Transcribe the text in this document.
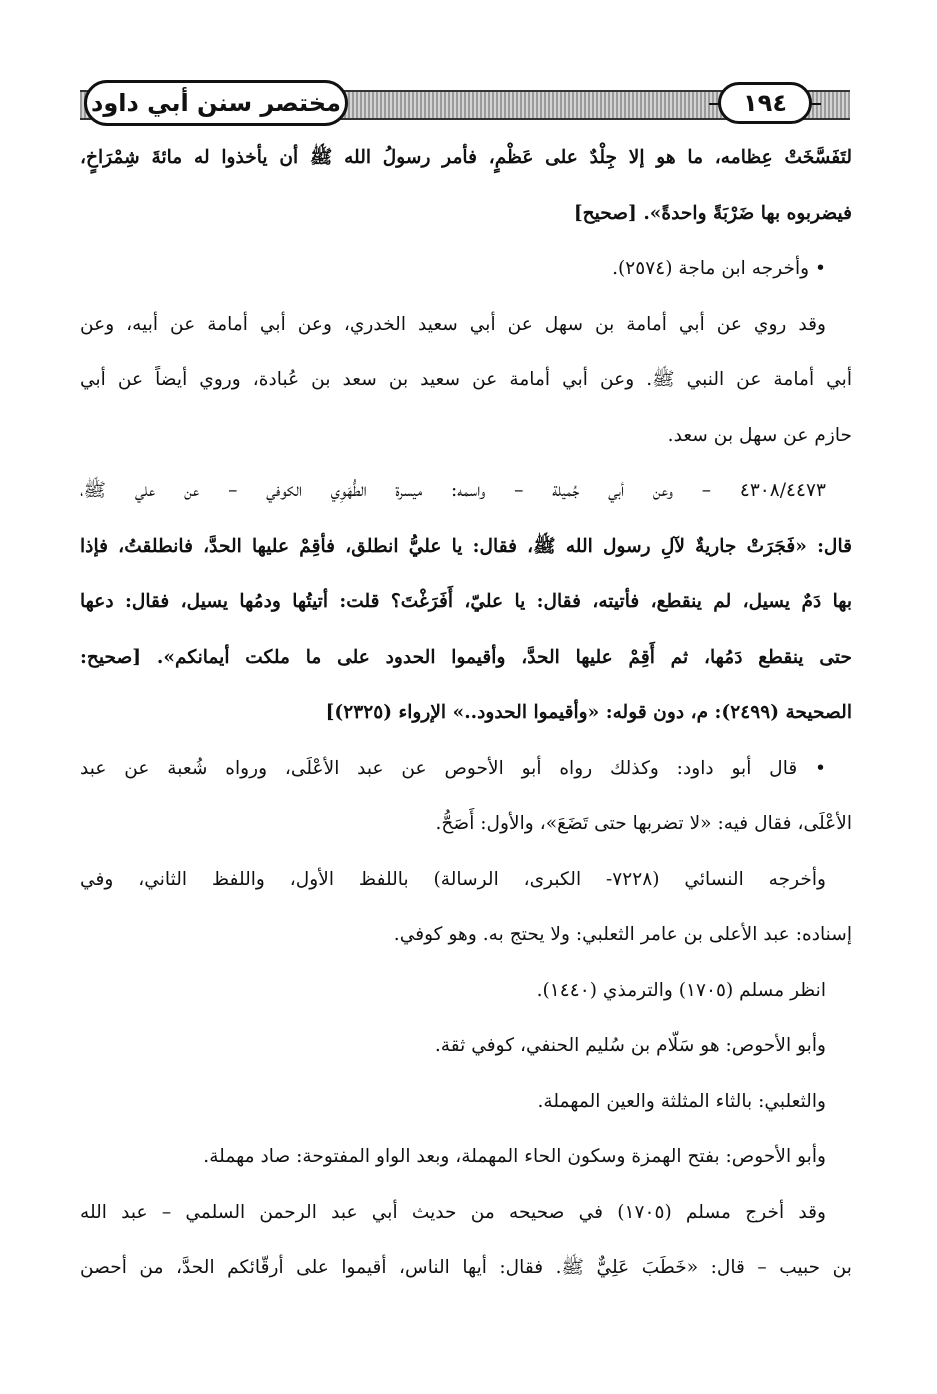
مختصر سنن أبي داود	١٩٤
لتَفَسَّخَتْ عِظامه، ما هو إلا جِلْدٌ على عَظْمٍ، فأمر رسولُ الله ﷺ أن يأخذوا له مائةَ شِمْرَاخٍ،
فيضربوه بها ضَرْبَةً واحدةً». [صحيح]
• وأخرجه ابن ماجة (٢٥٧٤).
وقد روي عن أبي أمامة بن سهل عن أبي سعيد الخدري، وعن أبي أمامة عن أبيه، وعن
أبي أمامة عن النبي ﷺ. وعن أبي أمامة عن سعيد بن سعد بن عُبادة، وروي أيضاً عن أبي
حازم عن سهل بن سعد.
٤٣٠٨/٤٤٧٣ – وعن أبي جُميلة – واسمه: ميسرة الطُّهَوِي الكوفي – عن علي ﷺ،
قال: «فَجَرَتْ جاريةٌ لآلِ رسول الله ﷺ، فقال: يا عليُّ انطلق، فأقِمْ عليها الحدَّ، فانطلقتُ، فإذا
بها دَمٌ يسيل، لم ينقطع، فأتيته، فقال: يا عليّ، أَفَرَغْتَ؟ قلت: أتيتُها ودمُها يسيل، فقال: دعها
حتى ينقطع دَمُها، ثم أَقِمْ عليها الحدَّ، وأقيموا الحدود على ما ملكت أيمانكم». [صحيح:
الصحيحة (٢٤٩٩): م، دون قوله: «وأقيموا الحدود..» الإرواء (٢٣٢٥)]
• قال أبو داود: وكذلك رواه أبو الأحوص عن عبد الأعْلَى، ورواه شُعبة عن عبد
الأعْلَى، فقال فيه: «لا تضربها حتى تَضَعَ»، والأول: أَصَحُّ.
وأخرجه النسائي (٧٢٢٨- الكبرى، الرسالة) باللفظ الأول، واللفظ الثاني، وفي
إسناده: عبد الأعلى بن عامر الثعلبي: ولا يحتج به. وهو كوفي.
انظر مسلم (١٧٠٥) والترمذي (١٤٤٠).
وأبو الأحوص: هو سَلّام بن سُليم الحنفي، كوفي ثقة.
والثعلبي: بالثاء المثلثة والعين المهملة.
وأبو الأحوص: بفتح الهمزة وسكون الحاء المهملة، وبعد الواو المفتوحة: صاد مهملة.
وقد أخرج مسلم (١٧٠٥) في صحيحه من حديث أبي عبد الرحمن السلمي – عبد الله
بن حبيب – قال: «خَطَبَ عَلِيٌّ ﷺ. فقال: أيها الناس، أقيموا على أرقّائكم الحدَّ، من أحصن
